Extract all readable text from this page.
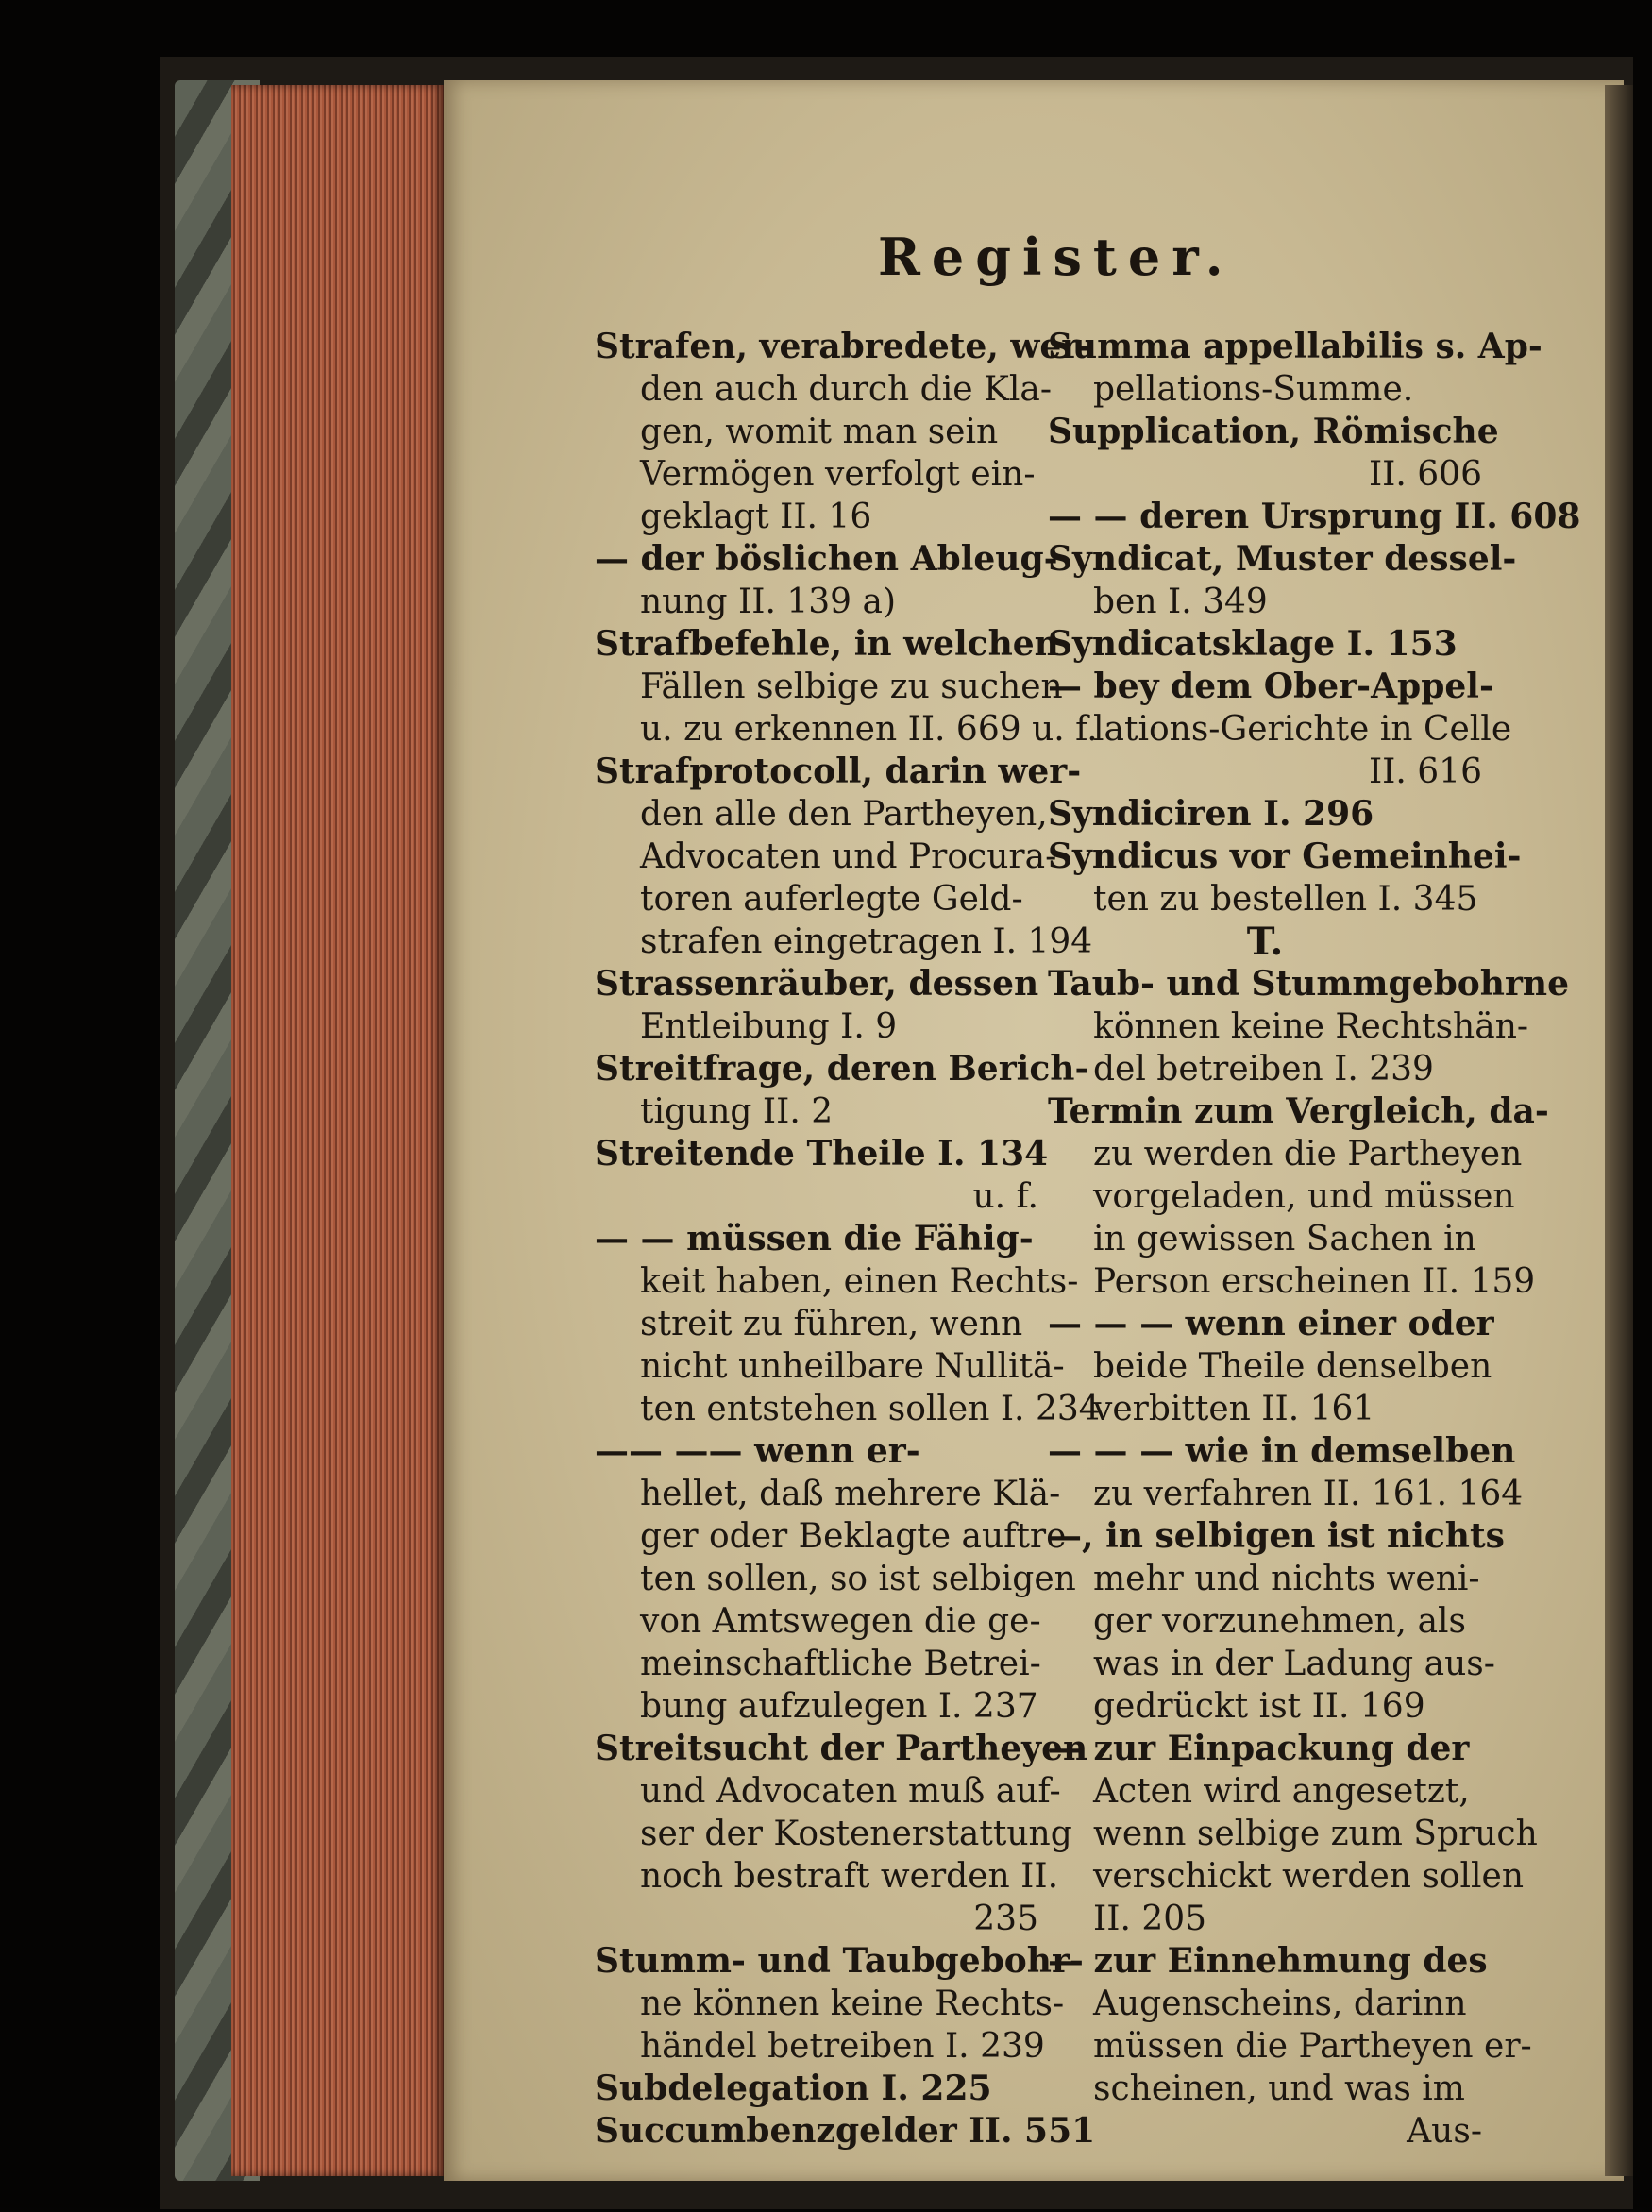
Register.
Strafen, verabredete, wer-
den auch durch die Kla-
gen, womit man sein
Vermögen verfolgt ein-
geklagt II. 16
— der böslichen Ableug-
nung II. 139 a)
Strafbefehle, in welchen
Fällen selbige zu suchen
u. zu erkennen II. 669 u. f.
Strafprotocoll, darin wer-
den alle den Partheyen,
Advocaten und Procura-
toren auferlegte Geld-
strafen eingetragen I. 194
Strassenräuber, dessen
Entleibung I. 9
Streitfrage, deren Berich-
tigung II. 2
Streitende Theile I. 134
u. f.
— — müssen die Fähig-
keit haben, einen Rechts-
streit zu führen, wenn
nicht unheilbare Nullitä-
ten entstehen sollen I. 234
—— —— wenn er-
hellet, daß mehrere Klä-
ger oder Beklagte auftre-
ten sollen, so ist selbigen
von Amtswegen die ge-
meinschaftliche Betrei-
bung aufzulegen I. 237
Streitsucht der Partheyen
und Advocaten muß auf-
ser der Kostenerstattung
noch bestraft werden II.
235
Stumm- und Taubgebohr-
ne können keine Rechts-
händel betreiben I. 239
Subdelegation I. 225
Succumbenzgelder II. 551
Summa appellabilis s. Ap-
pellations-Summe.
Supplication, Römische
II. 606
— — deren Ursprung II. 608
Syndicat, Muster dessel-
ben I. 349
Syndicatsklage I. 153
— bey dem Ober-Appel-
lations-Gerichte in Celle
II. 616
Syndiciren I. 296
Syndicus vor Gemeinhei-
ten zu bestellen I. 345
T.
Taub- und Stummgebohrne
können keine Rechtshän-
del betreiben I. 239
Termin zum Vergleich, da-
zu werden die Partheyen
vorgeladen, und müssen
in gewissen Sachen in
Person erscheinen II. 159
— — — wenn einer oder
beide Theile denselben
verbitten II. 161
— — — wie in demselben
zu verfahren II. 161. 164
—, in selbigen ist nichts
mehr und nichts weni-
ger vorzunehmen, als
was in der Ladung aus-
gedrückt ist II. 169
— zur Einpackung der
Acten wird angesetzt,
wenn selbige zum Spruch
verschickt werden sollen
II. 205
— zur Einnehmung des
Augenscheins, darinn
müssen die Partheyen er-
scheinen, und was im
Aus-
